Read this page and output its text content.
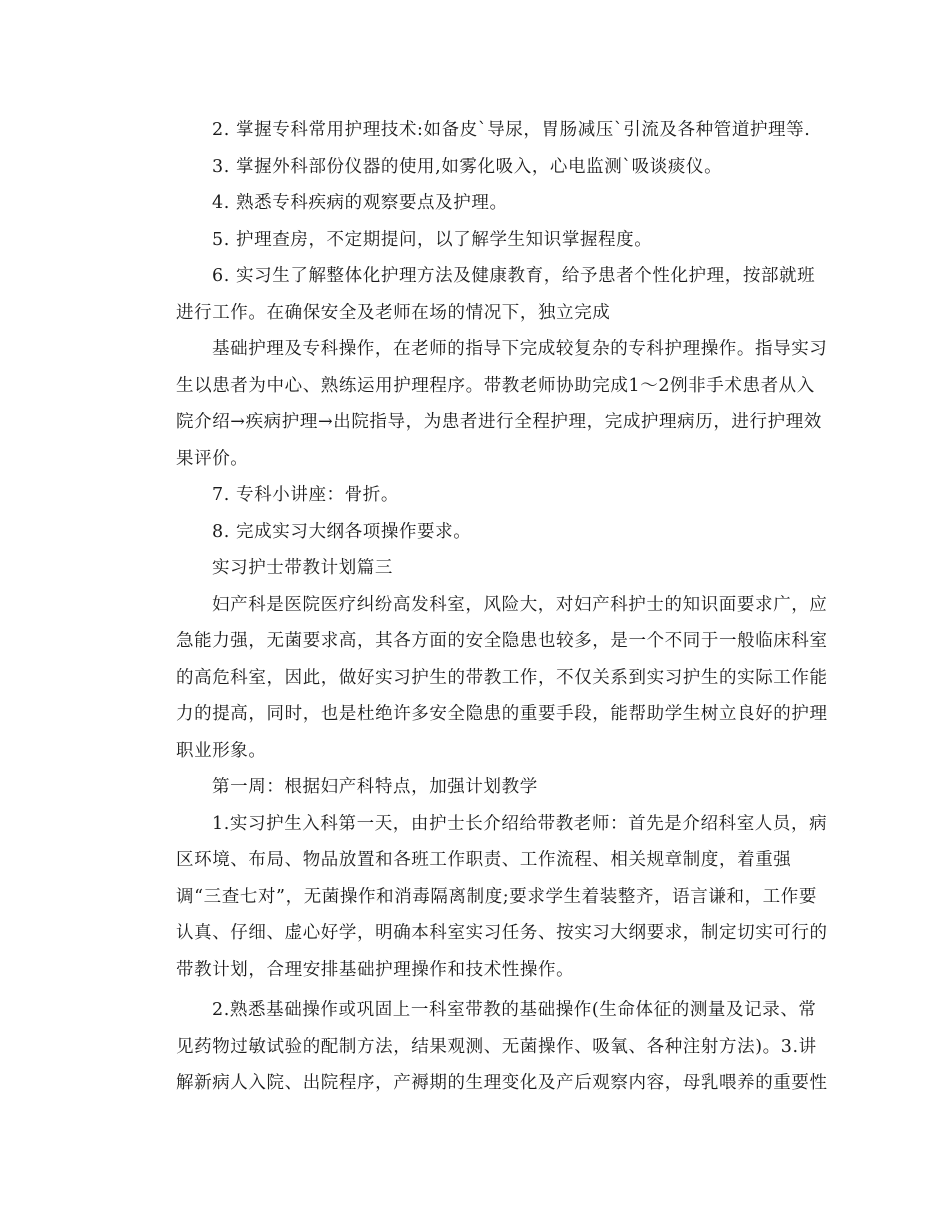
2. 掌握专科常用护理技术:如备皮`导尿，胃肠减压`引流及各种管道护理等.

3. 掌握外科部份仪器的使用,如雾化吸入，心电监测`吸谈痰仪。

4. 熟悉专科疾病的观察要点及护理。

5. 护理查房，不定期提问，以了解学生知识掌握程度。

6. 实习生了解整体化护理方法及健康教育，给予患者个性化护理，按部就班
进行工作。在确保安全及老师在场的情况下，独立完成

基础护理及专科操作，在老师的指导下完成较复杂的专科护理操作。指导实习
生以患者为中心、熟练运用护理程序。带教老师协助完成1～2例非手术患者从入
院介绍→疾病护理→出院指导，为患者进行全程护理，完成护理病历，进行护理效
果评价。

7. 专科小讲座：骨折。

8. 完成实习大纲各项操作要求。

实习护士带教计划篇三

妇产科是医院医疗纠纷高发科室，风险大，对妇产科护士的知识面要求广，应
急能力强，无菌要求高，其各方面的安全隐患也较多，是一个不同于一般临床科室
的高危科室，因此，做好实习护生的带教工作，不仅关系到实习护生的实际工作能
力的提高，同时，也是杜绝许多安全隐患的重要手段，能帮助学生树立良好的护理
职业形象。

第一周：根据妇产科特点，加强计划教学

1.实习护生入科第一天，由护士长介绍给带教老师：首先是介绍科室人员，病
区环境、布局、物品放置和各班工作职责、工作流程、相关规章制度，着重强
调“三查七对”，无菌操作和消毒隔离制度;要求学生着装整齐，语言谦和，工作要
认真、仔细、虚心好学，明确本科室实习任务、按实习大纲要求，制定切实可行的
带教计划，合理安排基础护理操作和技术性操作。

2.熟悉基础操作或巩固上一科室带教的基础操作(生命体征的测量及记录、常
见药物过敏试验的配制方法，结果观测、无菌操作、吸氧、各种注射方法)。3.讲
解新病人入院、出院程序，产褥期的生理变化及产后观察内容，母乳喂养的重要性
